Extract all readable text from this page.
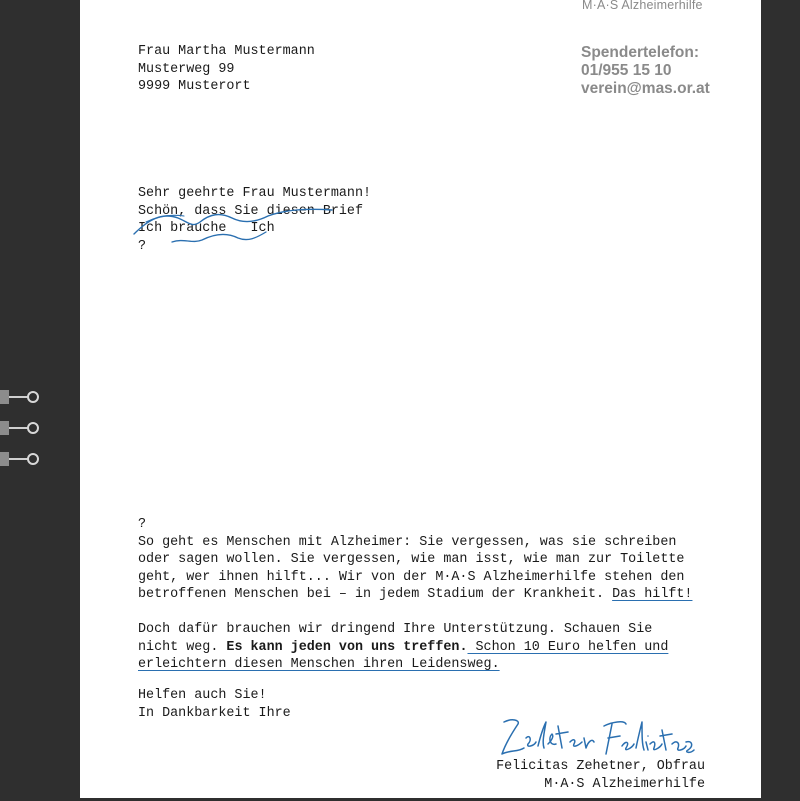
M·A·S Alzheimerhilfe
Frau Martha Mustermann
Musterweg 99
9999 Musterort
Spendertelefon:
01/955 15 10
verein@mas.or.at
Sehr geehrte Frau Mustermann!
Schön, dass Sie diesen Brief
Ich brauche   Ich
?
?
So geht es Menschen mit Alzheimer: Sie vergessen, was sie schreiben
oder sagen wollen. Sie vergessen, wie man isst, wie man zur Toilette
geht, wer ihnen hilft... Wir von der M·A·S Alzheimerhilfe stehen den
betroffenen Menschen bei – in jedem Stadium der Krankheit. Das hilft!
Doch dafür brauchen wir dringend Ihre Unterstützung. Schauen Sie
nicht weg. Es kann jeden von uns treffen. Schon 10 Euro helfen und
erleichtern diesen Menschen ihren Leidensweg.
Helfen auch Sie!
In Dankbarkeit Ihre
Felicitas Zehetner, Obfrau
M·A·S Alzheimerhilfe
